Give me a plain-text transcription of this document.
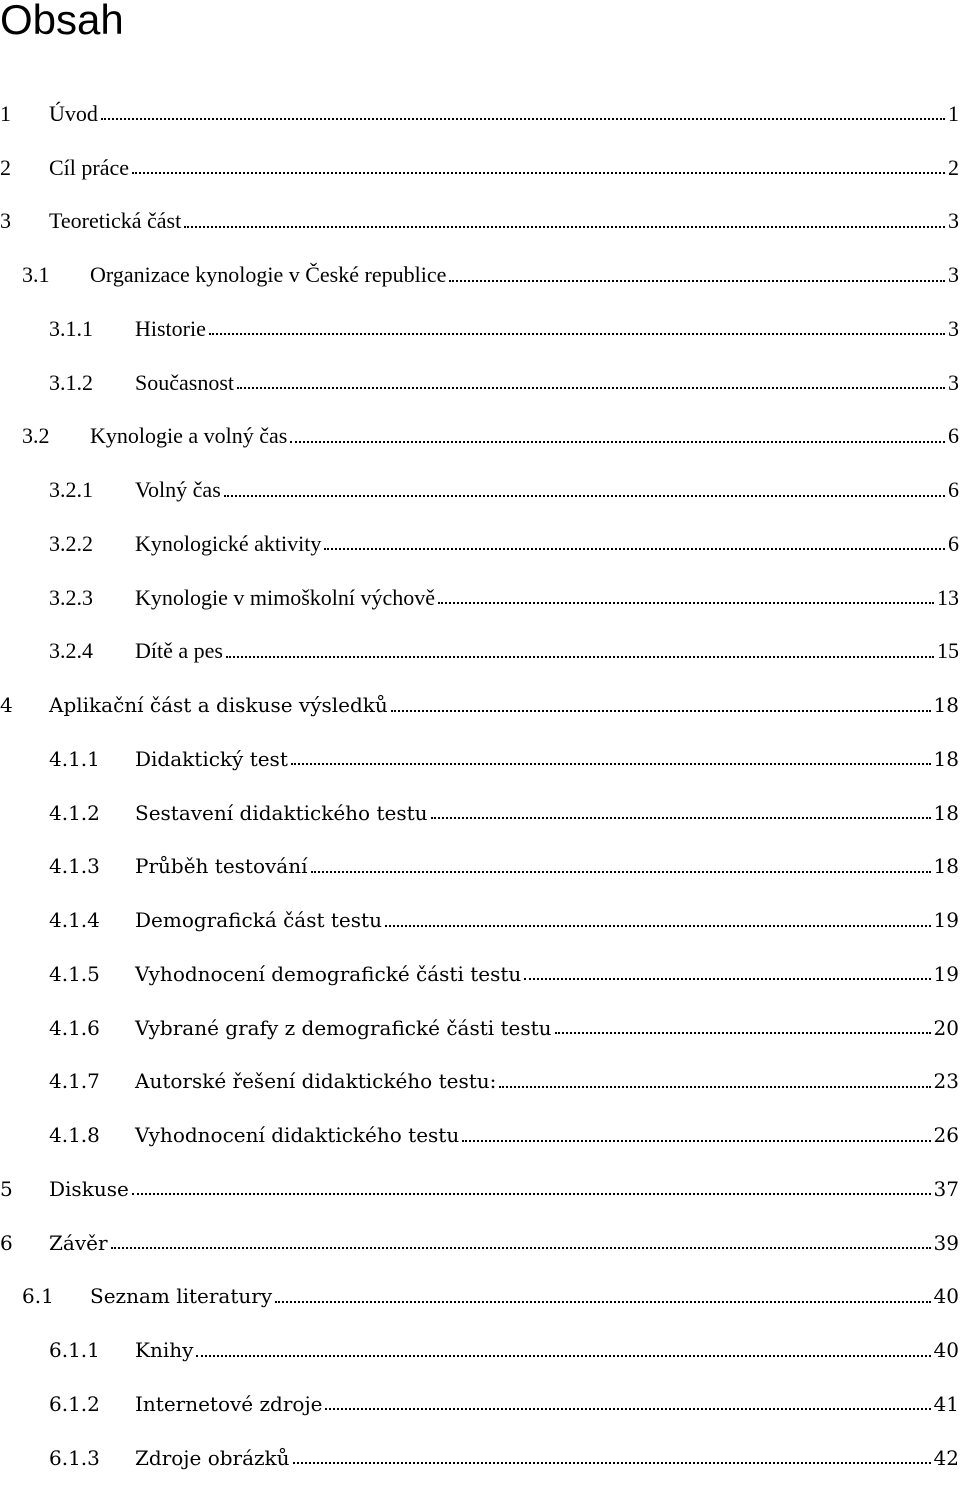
Obsah
1	Úvod	1
2	Cíl práce	2
3	Teoretická část	3
3.1	Organizace kynologie v České republice	3
3.1.1	Historie	3
3.1.2	Současnost	3
3.2	Kynologie a volný čas	6
3.2.1	Volný čas	6
3.2.2	Kynologické aktivity	6
3.2.3	Kynologie v mimoškolní výchově	13
3.2.4	Dítě a pes	15
4	Aplikační část a diskuse výsledků	18
4.1.1	Didaktický test	18
4.1.2	Sestavení didaktického testu	18
4.1.3	Průběh testování	18
4.1.4	Demografická část testu	19
4.1.5	Vyhodnocení demografické části testu	19
4.1.6	Vybrané grafy z demografické části testu	20
4.1.7	Autorské řešení didaktického testu:	23
4.1.8	Vyhodnocení didaktického testu	26
5	Diskuse	37
6	Závěr	39
6.1	Seznam literatury	40
6.1.1	Knihy	40
6.1.2	Internetové zdroje	41
6.1.3	Zdroje obrázků	42
